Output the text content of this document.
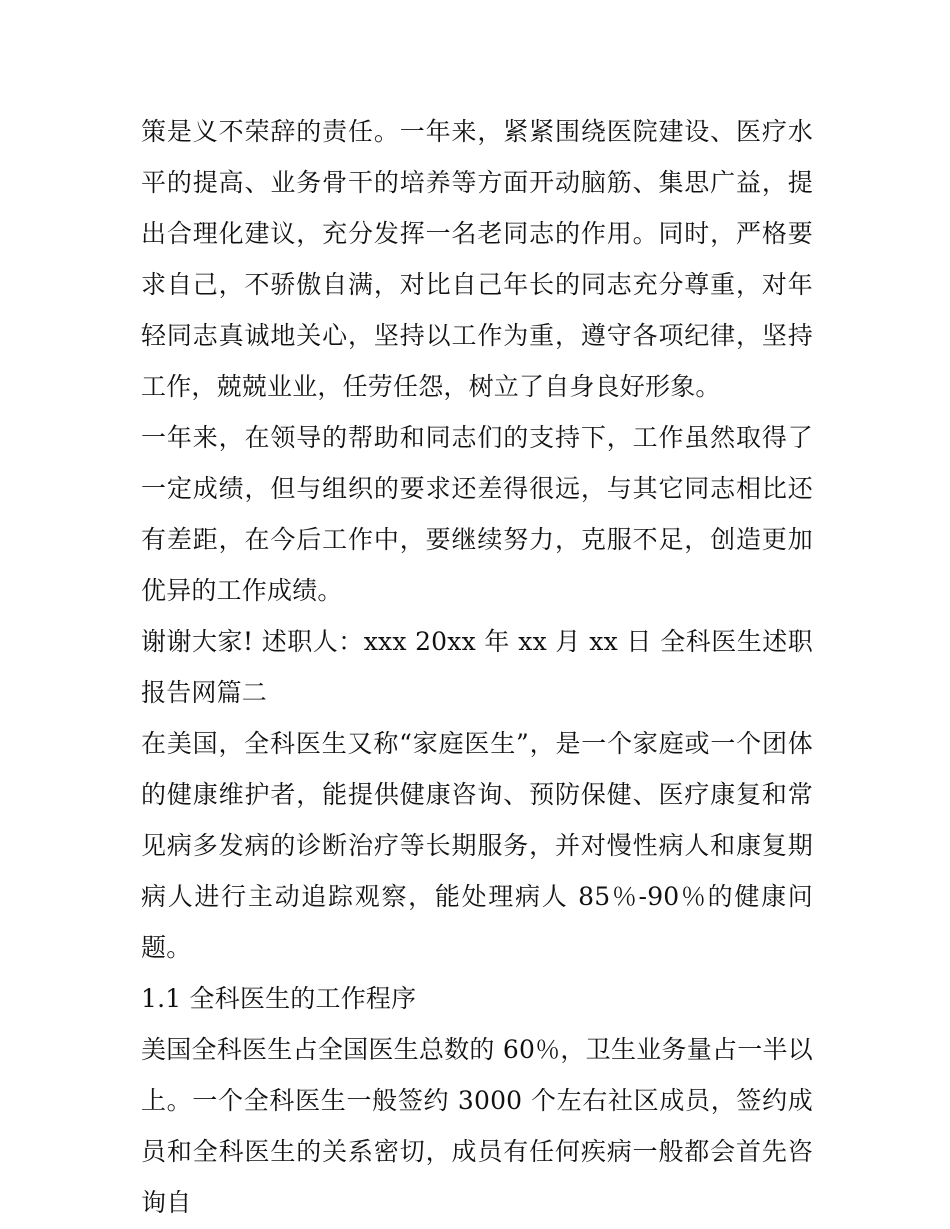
策是义不荣辞的责任。一年来，紧紧围绕医院建设、医疗水平的提高、业务骨干的培养等方面开动脑筋、集思广益，提出合理化建议，充分发挥一名老同志的作用。同时，严格要求自己，不骄傲自满，对比自己年长的同志充分尊重，对年轻同志真诚地关心，坚持以工作为重，遵守各项纪律，坚持工作，兢兢业业，任劳任怨，树立了自身良好形象。

一年来，在领导的帮助和同志们的支持下，工作虽然取得了一定成绩，但与组织的要求还差得很远，与其它同志相比还有差距，在今后工作中，要继续努力，克服不足，创造更加优异的工作成绩。

谢谢大家! 述职人：xxx 20xx 年 xx 月 xx 日 全科医生述职报告网篇二

在美国，全科医生又称“家庭医生”，是一个家庭或一个团体的健康维护者，能提供健康咨询、预防保健、医疗康复和常见病多发病的诊断治疗等长期服务，并对慢性病人和康复期病人进行主动追踪观察，能处理病人 85％-90％的健康问题。

1.1 全科医生的工作程序

美国全科医生占全国医生总数的 60％，卫生业务量占一半以上。一个全科医生一般签约 3000 个左右社区成员，签约成员和全科医生的关系密切，成员有任何疾病一般都会首先咨询自
